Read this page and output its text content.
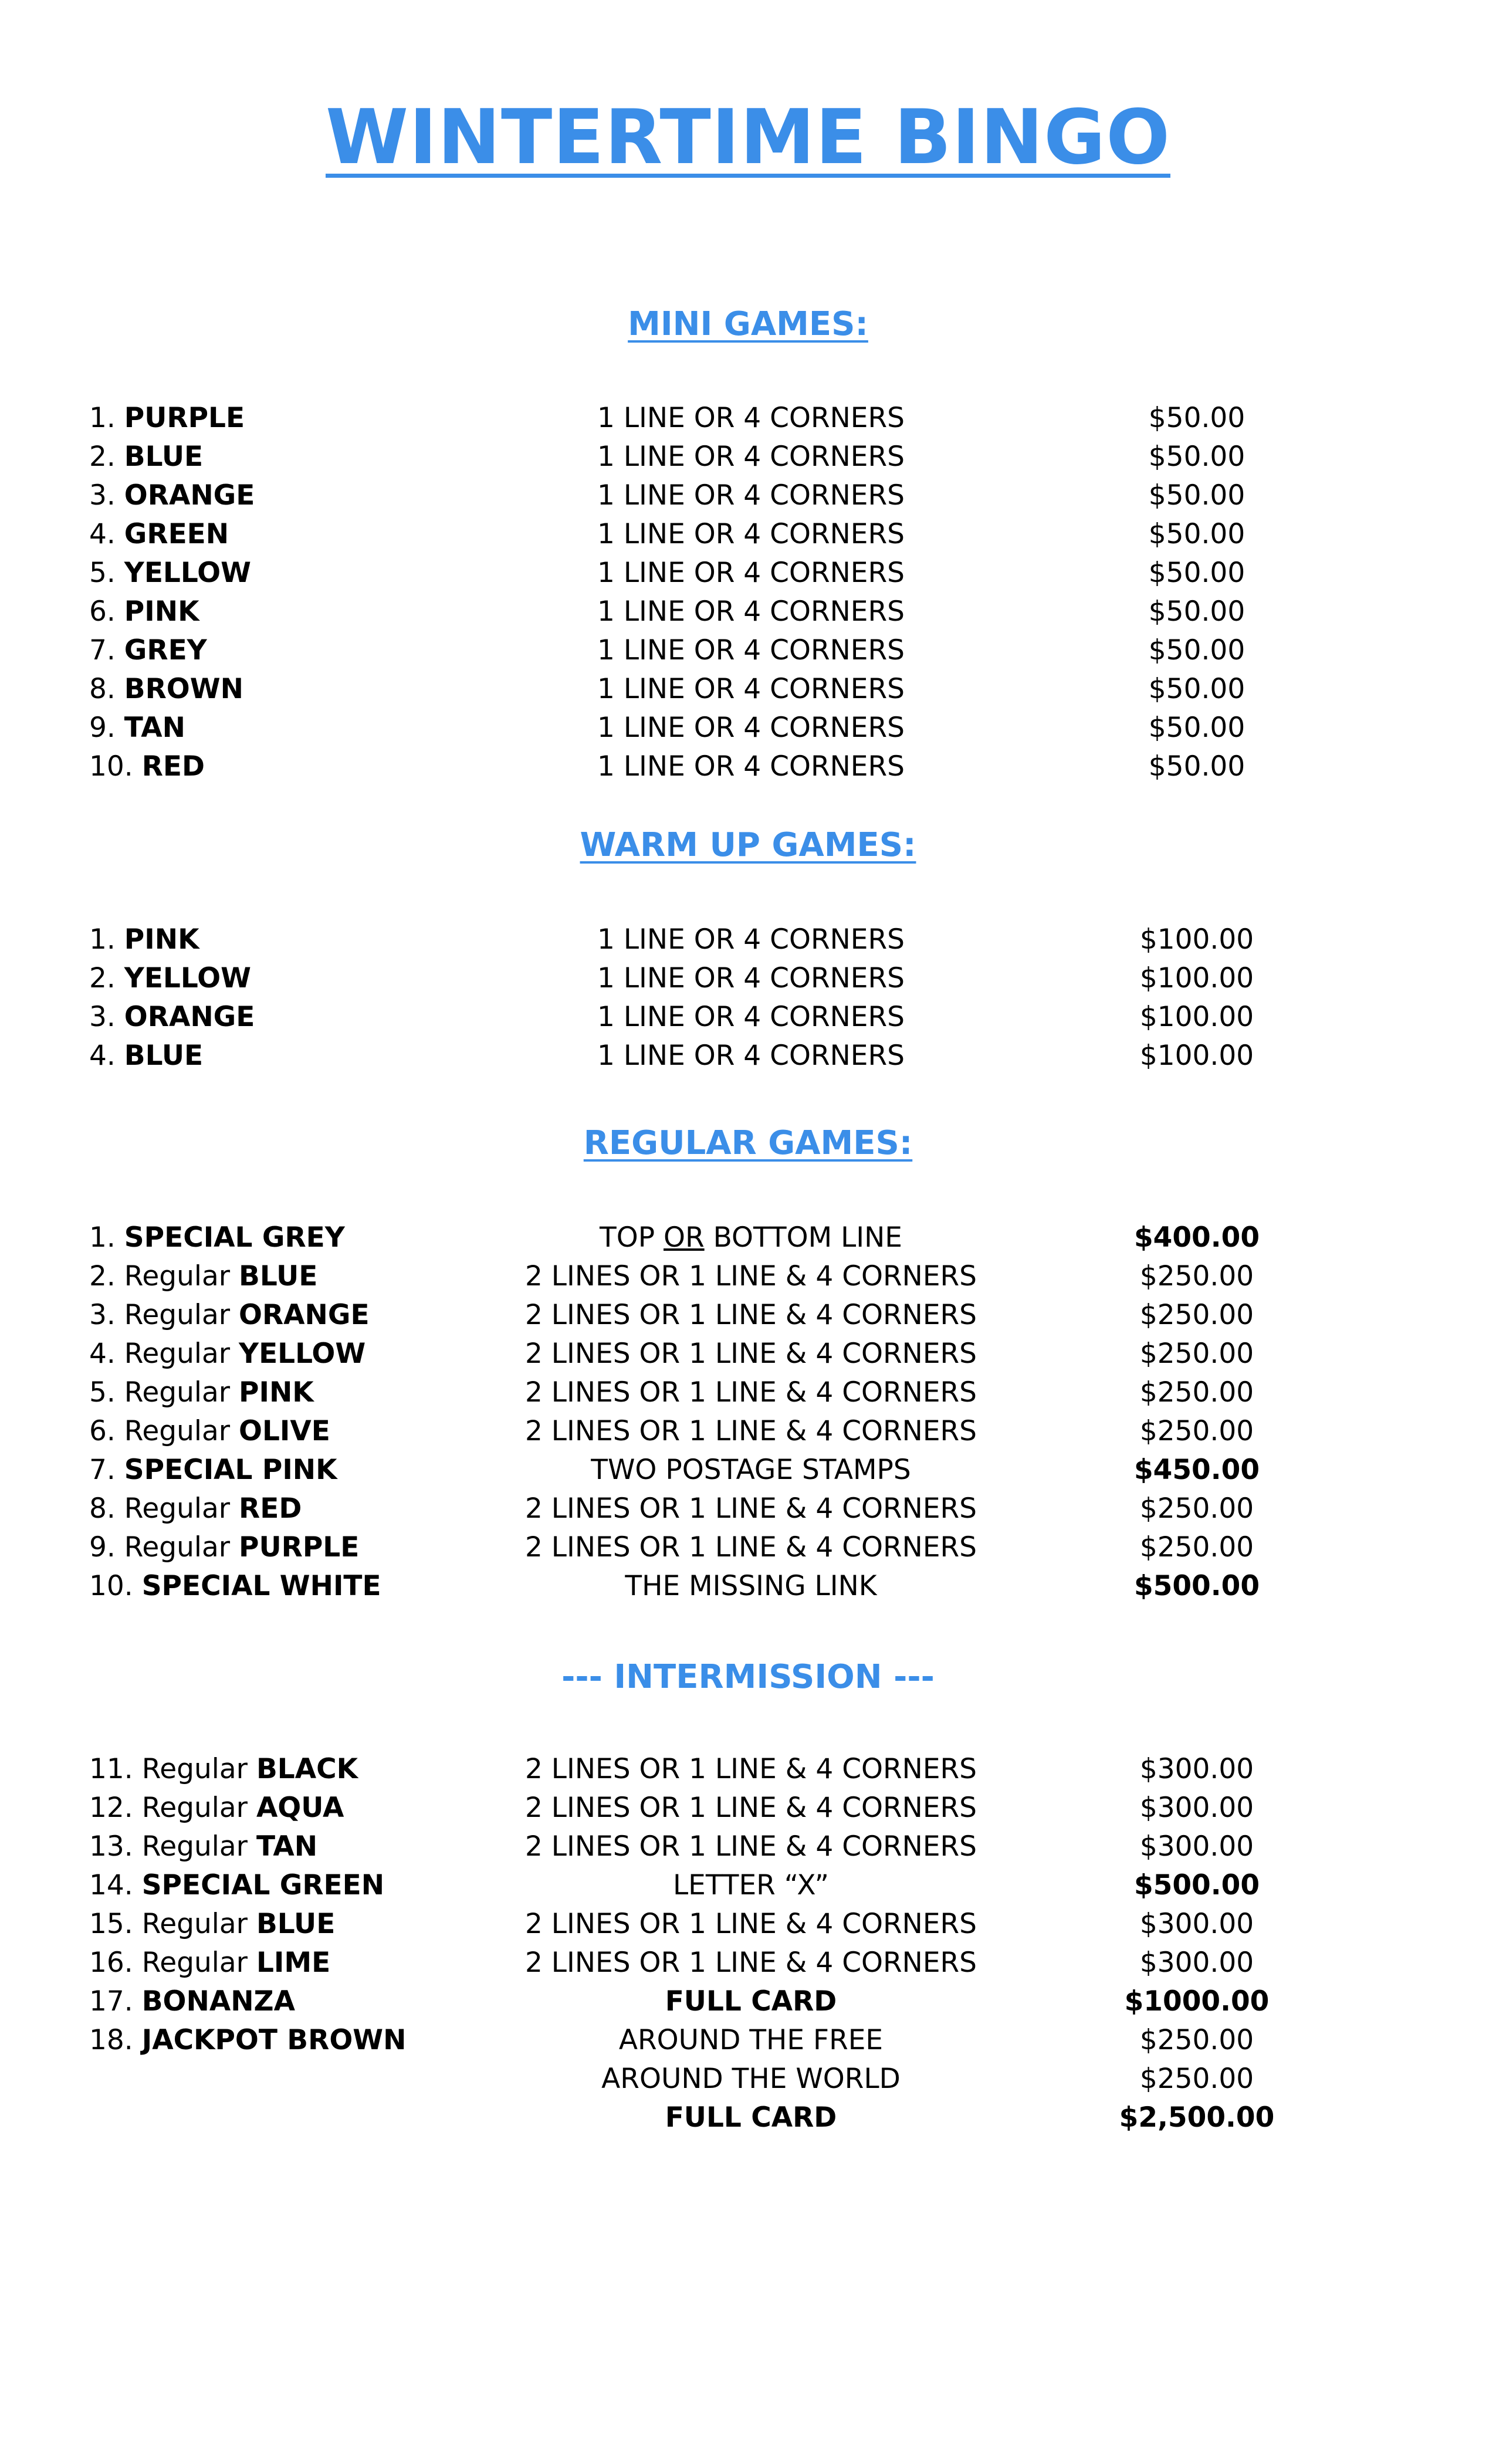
WINTERTIME BINGO
MINI GAMES:
1. PURPLE	1 LINE OR 4 CORNERS	$50.00
2. BLUE	1 LINE OR 4 CORNERS	$50.00
3. ORANGE	1 LINE OR 4 CORNERS	$50.00
4. GREEN	1 LINE OR 4 CORNERS	$50.00
5. YELLOW	1 LINE OR 4 CORNERS	$50.00
6. PINK	1 LINE OR 4 CORNERS	$50.00
7. GREY	1 LINE OR 4 CORNERS	$50.00
8. BROWN	1 LINE OR 4 CORNERS	$50.00
9. TAN	1 LINE OR 4 CORNERS	$50.00
10. RED	1 LINE OR 4 CORNERS	$50.00
WARM UP GAMES:
1. PINK	1 LINE OR 4 CORNERS	$100.00
2. YELLOW	1 LINE OR 4 CORNERS	$100.00
3. ORANGE	1 LINE OR 4 CORNERS	$100.00
4. BLUE	1 LINE OR 4 CORNERS	$100.00
REGULAR GAMES:
1. SPECIAL GREY	TOP OR BOTTOM LINE	$400.00
2. Regular BLUE	2 LINES OR 1 LINE & 4 CORNERS	$250.00
3. Regular ORANGE	2 LINES OR 1 LINE & 4 CORNERS	$250.00
4. Regular YELLOW	2 LINES OR 1 LINE & 4 CORNERS	$250.00
5. Regular PINK	2 LINES OR 1 LINE & 4 CORNERS	$250.00
6. Regular OLIVE	2 LINES OR 1 LINE & 4 CORNERS	$250.00
7. SPECIAL PINK	TWO POSTAGE STAMPS	$450.00
8. Regular RED	2 LINES OR 1 LINE & 4 CORNERS	$250.00
9. Regular PURPLE	2 LINES OR 1 LINE & 4 CORNERS	$250.00
10. SPECIAL WHITE	THE MISSING LINK	$500.00
--- INTERMISSION ---
11. Regular BLACK	2 LINES OR 1 LINE & 4 CORNERS	$300.00
12. Regular AQUA	2 LINES OR 1 LINE & 4 CORNERS	$300.00
13. Regular TAN	2 LINES OR 1 LINE & 4 CORNERS	$300.00
14. SPECIAL GREEN	LETTER “X”	$500.00
15. Regular BLUE	2 LINES OR 1 LINE & 4 CORNERS	$300.00
16. Regular LIME	2 LINES OR 1 LINE & 4 CORNERS	$300.00
17. BONANZA	FULL CARD	$1000.00
18. JACKPOT BROWN	AROUND THE FREE	$250.00
AROUND THE WORLD	$250.00
FULL CARD	$2,500.00
